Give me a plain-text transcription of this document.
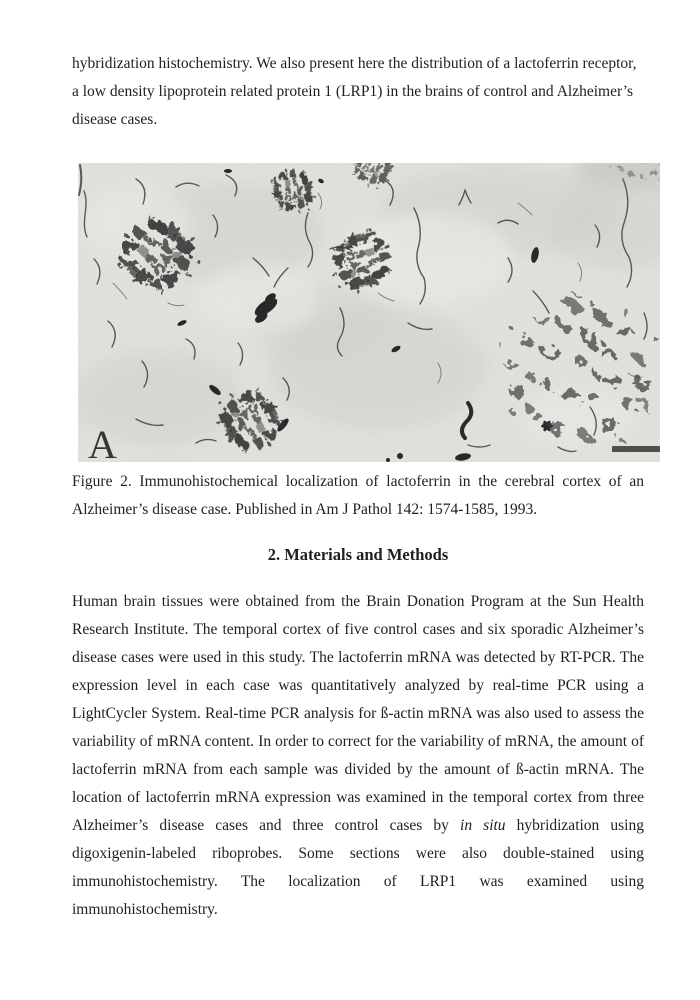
hybridization histochemistry. We also present here the distribution of a lactoferrin receptor, a low density lipoprotein related protein 1 (LRP1) in the brains of control and Alzheimer’s disease cases.

A

Figure 2. Immunohistochemical localization of lactoferrin in the cerebral cortex of an Alzheimer’s disease case. Published in Am J Pathol 142: 1574-1585, 1993.

2. Materials and Methods

Human brain tissues were obtained from the Brain Donation Program at the Sun Health Research Institute. The temporal cortex of five control cases and six sporadic Alzheimer’s disease cases were used in this study. The lactoferrin mRNA was detected by RT-PCR. The expression level in each case was quantitatively analyzed by real-time PCR using a LightCycler System. Real-time PCR analysis for ß-actin mRNA was also used to assess the variability of mRNA content. In order to correct for the variability of mRNA, the amount of lactoferrin mRNA from each sample was divided by the amount of ß-actin mRNA. The location of lactoferrin mRNA expression was examined in the temporal cortex from three Alzheimer’s disease cases and three control cases by in situ hybridization using digoxigenin-labeled riboprobes. Some sections were also double-stained using immunohistochemistry. The localization of LRP1 was examined using immunohistochemistry.
